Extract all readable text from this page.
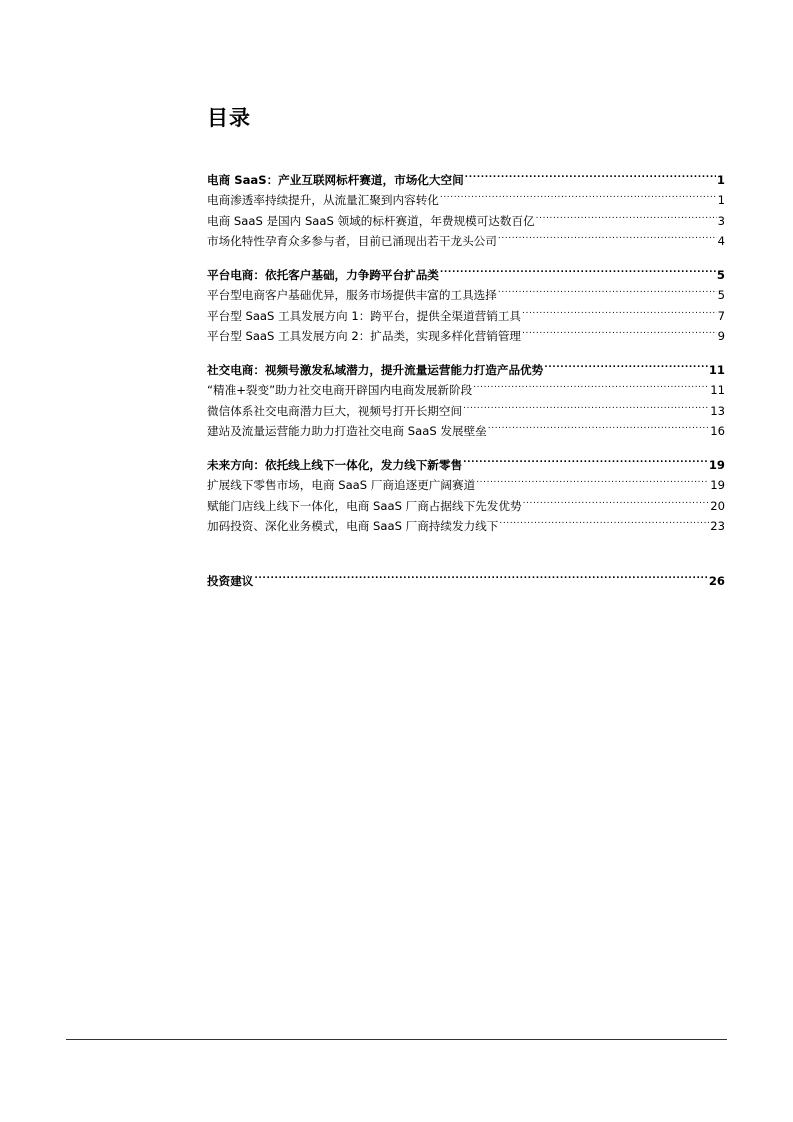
目录
电商 SaaS：产业互联网标杆赛道，市场化大空间 .....	1
电商渗透率持续提升，从流量汇聚到内容转化 .....	1
电商 SaaS 是国内 SaaS 领域的标杆赛道，年费规模可达数百亿 .....	3
市场化特性孕育众多参与者，目前已涌现出若干龙头公司 .....	4
平台电商：依托客户基础，力争跨平台扩品类 .....	5
平台型电商客户基础优异，服务市场提供丰富的工具选择 .....	5
平台型 SaaS 工具发展方向 1：跨平台，提供全渠道营销工具 .....	7
平台型 SaaS 工具发展方向 2：扩品类，实现多样化营销管理 .....	9
社交电商：视频号激发私域潜力，提升流量运营能力打造产品优势 .....	11
“精准+裂变”助力社交电商开辟国内电商发展新阶段 .....	11
微信体系社交电商潜力巨大，视频号打开长期空间 .....	13
建站及流量运营能力助力打造社交电商 SaaS 发展壁垒 .....	16
未来方向：依托线上线下一体化，发力线下新零售 .....	19
扩展线下零售市场，电商 SaaS 厂商追逐更广阔赛道 .....	19
赋能门店线上线下一体化，电商 SaaS 厂商占据线下先发优势 .....	20
加码投资、深化业务模式，电商 SaaS 厂商持续发力线下 .....	23
投资建议 .....	26
